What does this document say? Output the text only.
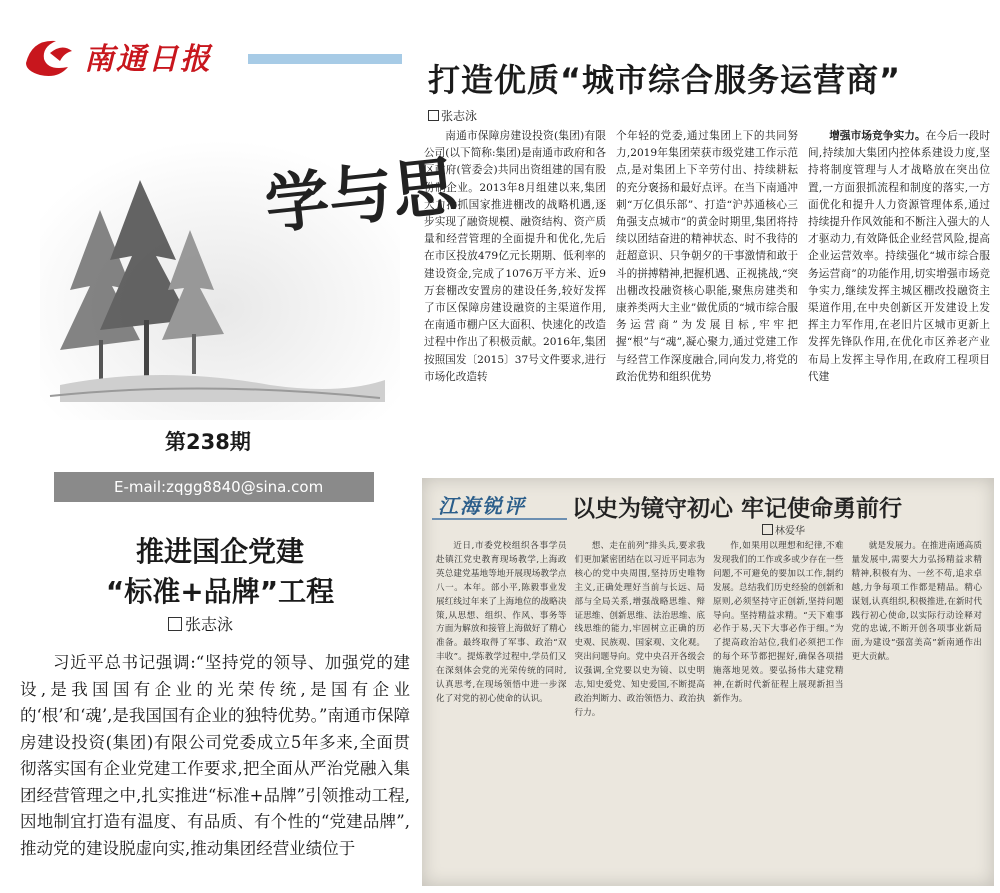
南通日报
打造优质“城市综合服务运营商”
张志泳
南通市保障房建设投资(集团)有限公司(以下简称:集团)是南通市政府和各区政府(管委会)共同出资组建的国有股份制企业。2013年8月组建以来,集团大力抢抓国家推进棚改的战略机遇,逐步实现了融资规模、融资结构、资产质量和经营管理的全面提升和优化,先后在市区投放479亿元长期期、低利率的建设资金,完成了1076万平方米、近9万套棚改安置房的建设任务,较好发挥了市区保障房建设融资的主渠道作用,在南通市棚户区大面积、快速化的改造过程中作出了积极贡献。2016年,集团按照国发〔2015〕37号文件要求,进行市场化改造转
个年轻的党委,通过集团上下的共同努力,2019年集团荣获市级党建工作示范点,是对集团上下辛劳付出、持续耕耘的充分褒扬和最好点评。在当下南通冲刺“万亿俱乐部”、打造“沪苏通核心三角强支点城市”的黄金时期里,集团将持续以团结奋进的精神状态、时不我待的赶超意识、只争朝夕的干事激情和敢于斗的拼搏精神,把握机遇、正视挑战,“突出棚改投融资核心职能,聚焦房建类和康养类两大主业”做优质的“城市综合服务运营商”为发展目标,牢牢把握“根”与“魂”,凝心聚力,通过党建工作与经营工作深度融合,同向发力,将党的政治优势和组织优势
增强市场竞争实力。在今后一段时间,持续加大集团内控体系建设力度,坚持将制度管理与人才战略放在突出位置,一方面狠抓流程和制度的落实,一方面优化和提升人力资源管理体系,通过持续提升作风效能和不断注入强大的人才驱动力,有效降低企业经营风险,提高企业运营效率。持续强化“城市综合服务运营商”的功能作用,切实增强市场竞争实力,继续发挥主城区棚改投融资主渠道作用,在中央创新区开发建设上发挥主力军作用,在老旧片区城市更新上发挥先锋队作用,在优化市区养老产业布局上发挥主导作用,在政府工程项目代建
学与思
第238期
E-mail:zqgg8840@sina.com
推进国企党建
“标准+品牌”工程
张志泳

习近平总书记强调:“坚持党的领导、加强党的建设,是我国国有企业的光荣传统,是国有企业的‘根’和‘魂’,是我国国有企业的独特优势。”南通市保障房建设投资(集团)有限公司党委成立5年多来,全面贯彻落实国有企业党建工作要求,把全面从严治党融入集团经营管理之中,扎实推进“标准+品牌”引领推动工程,因地制宜打造有温度、有品质、有个性的“党建品牌”,推动党的建设脱虚向实,推动集团经营业绩位于

江海锐评 以史为镜守初心 牢记使命勇前行
林爱华
近日,市委党校组织各事学员赴镇江党史教育现场教学,上海政英总建党基地等地开展现场教学点八一。本年。部小平,陈毅事业发展红线过年来了上海地位的战略决策,从思想、组织、作风、事务等方面为解放和接管上海做好了精心准备。最终取得了军事、政治“双丰收”。提炼教学过程中,学员们又在深刻体会党的光荣传统的同时,认真思考,在现场领悟中进一步深化了对党的初心使命的认识。
想、走在前列”排头兵,要求我们更加紧密团结在以习近平同志为核心的党中央周围,坚持历史唯物主义,正确处理好当前与长远、局部与全局关系,增强战略思维、辩证思维、创新思维、法治思维、底线思维的能力,牢固树立正确的历史观、民族观、国家观、文化观。突出问题导向。党中央召开各级会议强调,全党要以史为镜、以史明志,知史爱党、知史爱国,不断提高政治判断力、政治领悟力、政治执行力。
作,如果用以理想和纪律,不难发现我们的工作或多或少存在一些问题,不可避免的要加以工作,制约发展。总结我们历史经验的创新和原则,必须坚持守正创新,坚持问题导向。坚持精益求精。“天下难事必作于易,天下大事必作于细。”为了提高政治站位,我们必须把工作的每个环节都把握好,确保各项措施落地见效。要弘扬伟大建党精神,在新时代新征程上展现新担当新作为。
就是发展力。在推进南通高质量发展中,需要大力弘扬精益求精精神,积极有为、一丝不苟,追求卓越,力争每项工作都是精品。精心谋划,认真组织,积极推进,在新时代践行初心使命,以实际行动诠释对党的忠诚,不断开创各项事业新局面,为建设“强富美高”新南通作出更大贡献。
